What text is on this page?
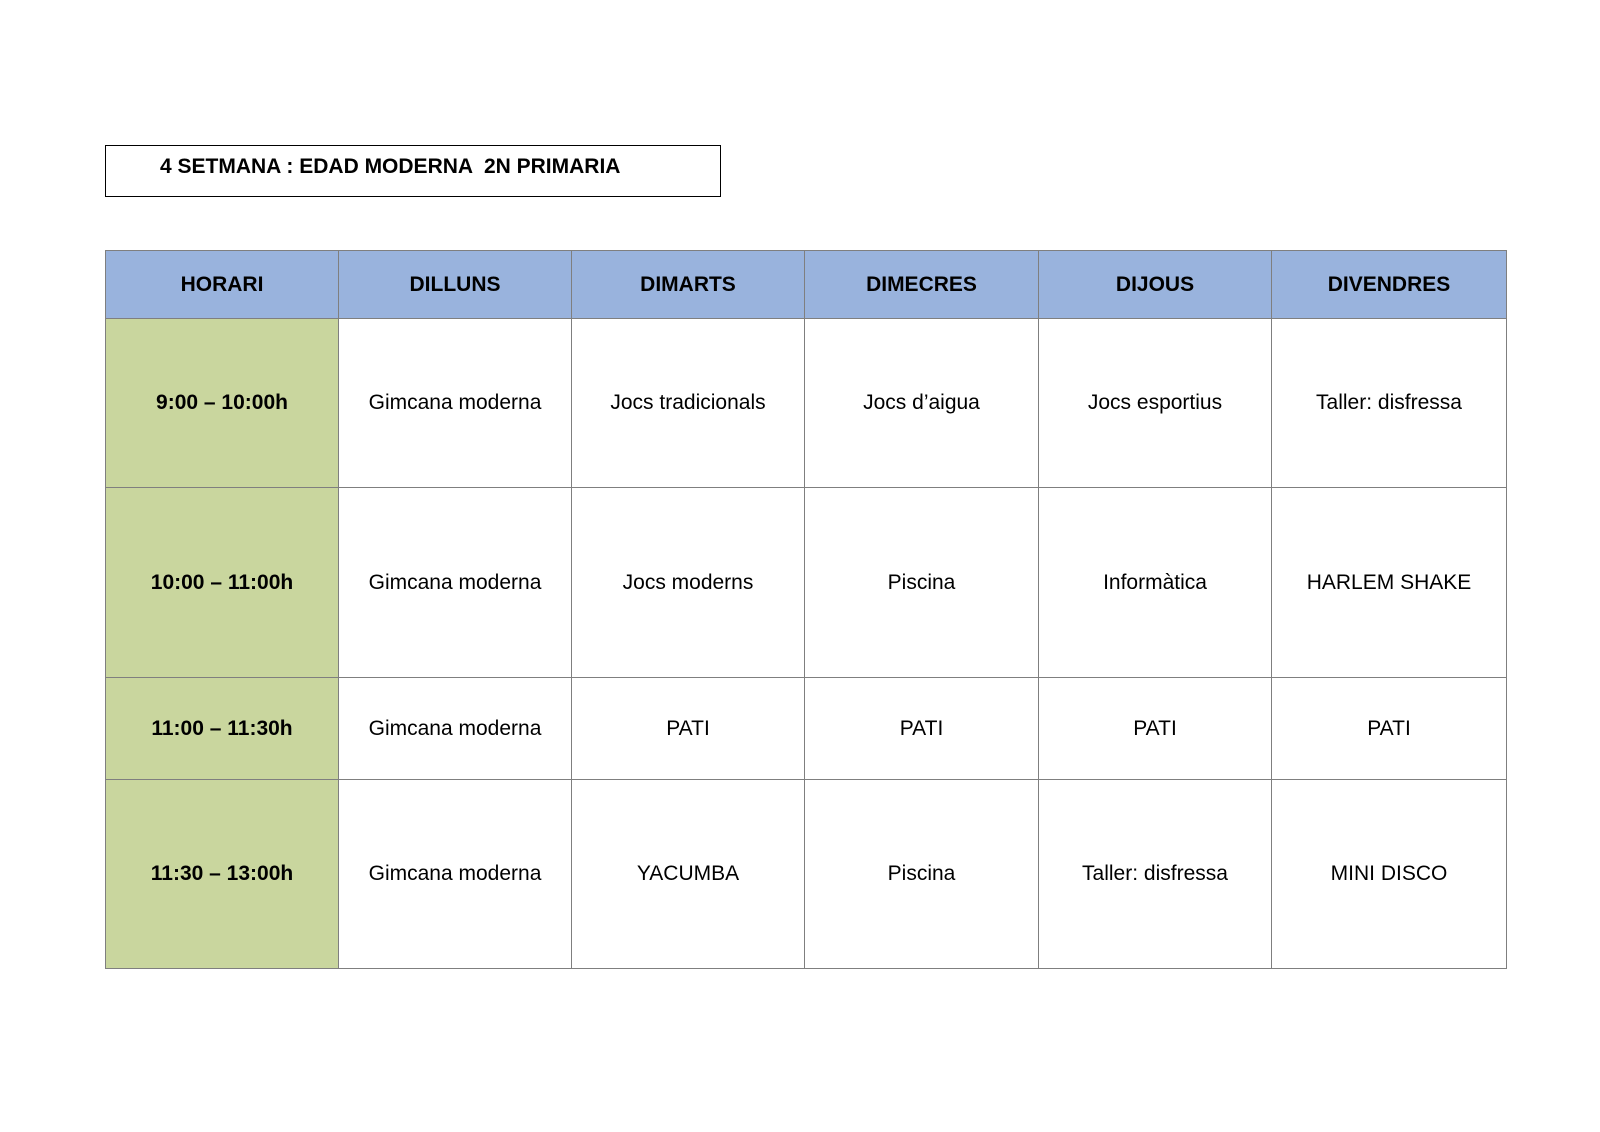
4 SETMANA : EDAD MODERNA  2N PRIMARIA
HORARI	DILLUNS	DIMARTS	DIMECRES	DIJOUS	DIVENDRES
9:00 – 10:00h	Gimcana moderna	Jocs tradicionals	Jocs d’aigua	Jocs esportius	Taller: disfressa
10:00 – 11:00h	Gimcana moderna	Jocs moderns	Piscina	Informàtica	HARLEM SHAKE
11:00 – 11:30h	Gimcana moderna	PATI	PATI	PATI	PATI
11:30 – 13:00h	Gimcana moderna	YACUMBA	Piscina	Taller: disfressa	MINI DISCO
